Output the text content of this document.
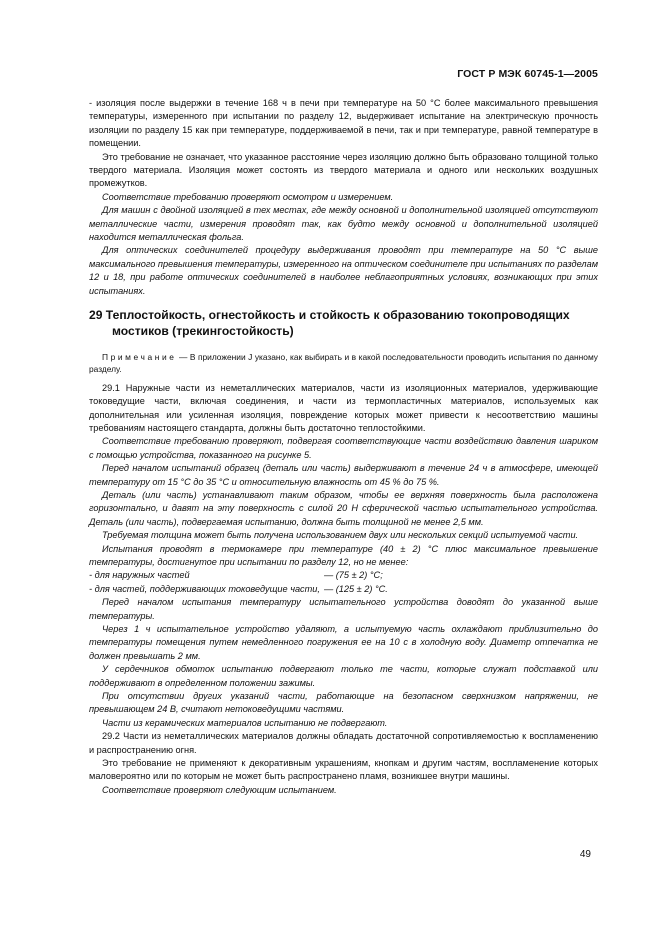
ГОСТ Р МЭК 60745-1—2005

- изоляция после выдержки в течение 168 ч в печи при температуре на 50 °С более максимального превышения температуры, измеренного при испытании по разделу 12, выдерживает испытание на электрическую прочность изоляции по разделу 15 как при температуре, поддерживаемой в печи, так и при температуре, равной температуре в помещении.

Это требование не означает, что указанное расстояние через изоляцию должно быть образовано толщиной только твердого материала. Изоляция может состоять из твердого материала и одного или нескольких воздушных промежутков.

Соответствие требованию проверяют осмотром и измерением.

Для машин с двойной изоляцией в тех местах, где между основной и дополнительной изоляцией отсутствуют металлические части, измерения проводят так, как будто между основной и дополнительной изоляцией находится металлическая фольга.

Для оптических соединителей процедуру выдерживания проводят при температуре на 50 °С выше максимального превышения температуры, измеренного на оптическом соединителе при испытаниях по разделам 12 и 18, при работе оптических соединителей в наиболее неблагоприятных условиях, возникающих при этих испытаниях.

29 Теплостойкость, огнестойкость и стойкость к образованию токопроводящих мостиков (трекингостойкость)

Примечание — В приложении J указано, как выбирать и в какой последовательности проводить испытания по данному разделу.

29.1 Наружные части из неметаллических материалов, части из изоляционных материалов, удерживающие токоведущие части, включая соединения, и части из термопластичных материалов, используемых как дополнительная или усиленная изоляция, повреждение которых может привести к несоответствию машины требованиям настоящего стандарта, должны быть достаточно теплостойкими.

Соответствие требованию проверяют, подвергая соответствующие части воздействию давления шариком с помощью устройства, показанного на рисунке 5.

Перед началом испытаний образец (деталь или часть) выдерживают в течение 24 ч в атмосфере, имеющей температуру от 15 °С до 35 °С и относительную влажность от 45 % до 75 %.

Деталь (или часть) устанавливают таким образом, чтобы ее верхняя поверхность была расположена горизонтально, и давят на эту поверхность с силой 20 Н сферической частью испытательного устройства. Деталь (или часть), подвергаемая испытанию, должна быть толщиной не менее 2,5 мм.

Требуемая толщина может быть получена использованием двух или нескольких секций испытуемой части.

Испытания проводят в термокамере при температуре (40 ± 2) °С плюс максимальное превышение температуры, достигнутое при испытании по разделу 12, но не менее:

- для наружных частей	— (75 ± 2) °С;
- для частей, поддерживающих токоведущие части, — (125 ± 2) °С.

Перед началом испытания температуру испытательного устройства доводят до указанной выше температуры.

Через 1 ч испытательное устройство удаляют, а испытуемую часть охлаждают приблизительно до температуры помещения путем немедленного погружения ее на 10 с в холодную воду. Диаметр отпечатка не должен превышать 2 мм.

У сердечников обмоток испытанию подвергают только те части, которые служат подставкой или поддерживают в определенном положении зажимы.

При отсутствии других указаний части, работающие на безопасном сверхнизком напряжении, не превышающем 24 В, считают нетоковедущими частями.

Части из керамических материалов испытанию не подвергают.

29.2 Части из неметаллических материалов должны обладать достаточной сопротивляемостью к воспламенению и распространению огня.

Это требование не применяют к декоративным украшениям, кнопкам и другим частям, воспламенение которых маловероятно или по которым не может быть распространено пламя, возникшее внутри машины.

Соответствие проверяют следующим испытанием.

49
